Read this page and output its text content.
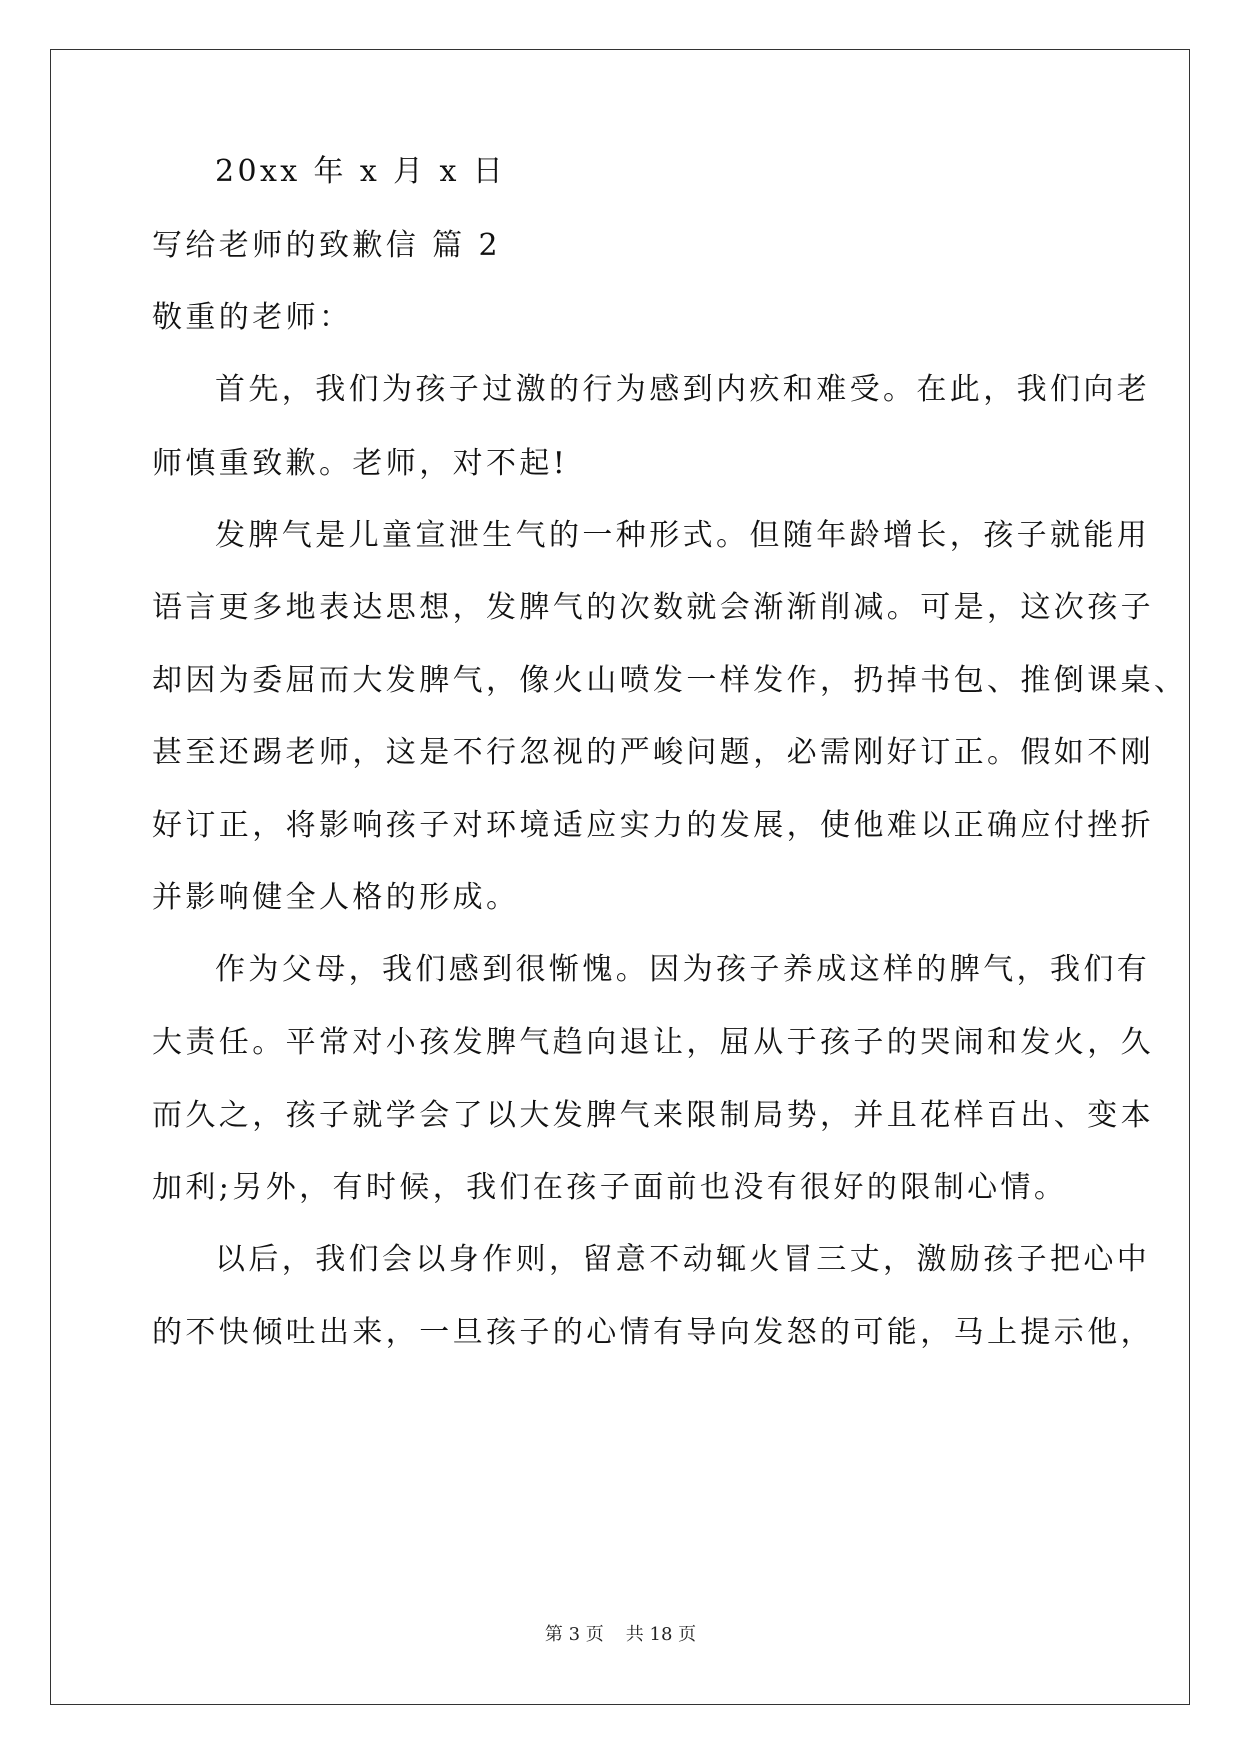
20xx 年 x 月 x 日
写给老师的致歉信 篇 2
敬重的老师：
首先，我们为孩子过激的行为感到内疚和难受。在此，我们向老
师慎重致歉。老师，对不起!
发脾气是儿童宣泄生气的一种形式。但随年龄增长，孩子就能用
语言更多地表达思想，发脾气的次数就会渐渐削减。可是，这次孩子
却因为委屈而大发脾气，像火山喷发一样发作，扔掉书包、推倒课桌、
甚至还踢老师，这是不行忽视的严峻问题，必需刚好订正。假如不刚
好订正，将影响孩子对环境适应实力的发展，使他难以正确应付挫折
并影响健全人格的形成。
作为父母，我们感到很惭愧。因为孩子养成这样的脾气，我们有
大责任。平常对小孩发脾气趋向退让，屈从于孩子的哭闹和发火，久
而久之，孩子就学会了以大发脾气来限制局势，并且花样百出、变本
加利;另外，有时候，我们在孩子面前也没有很好的限制心情。
以后，我们会以身作则，留意不动辄火冒三丈，激励孩子把心中
的不快倾吐出来，一旦孩子的心情有导向发怒的可能，马上提示他，
第 3 页 共 18 页
